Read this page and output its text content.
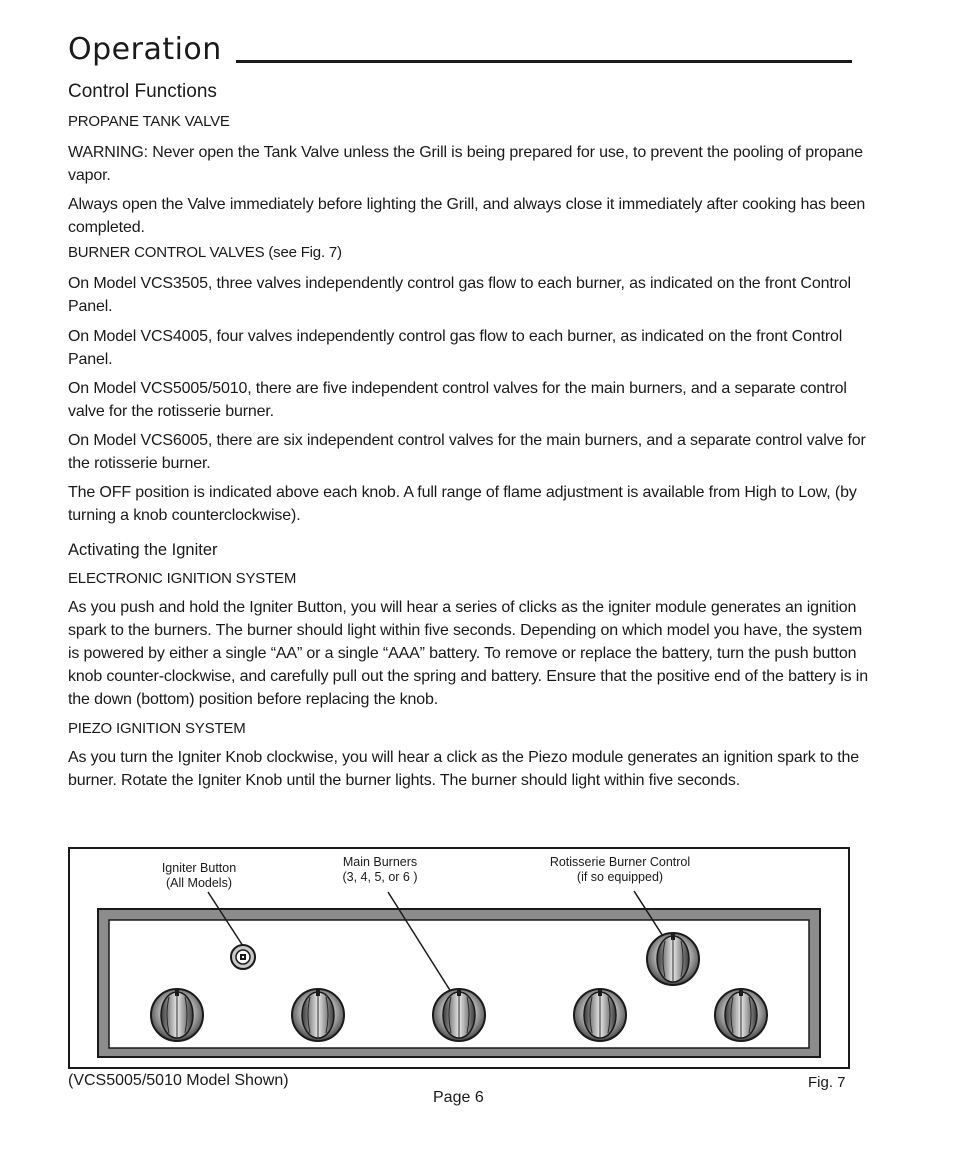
Operation
Control Functions
PROPANE TANK VALVE
WARNING: Never open the Tank Valve unless the Grill is being prepared for use, to prevent the pooling of propane vapor.
Always open the Valve immediately before lighting the Grill, and always close it immediately after cooking has been completed.
BURNER CONTROL VALVES (see Fig. 7)
On Model VCS3505, three valves independently control gas flow to each burner, as indicated on the front Control Panel.
On Model VCS4005, four valves independently control gas flow to each burner, as indicated on the front Control Panel.
On Model VCS5005/5010, there are five independent control valves for the main burners, and a separate control valve for the rotisserie burner.
On Model VCS6005, there are six independent control valves for the main burners, and a separate control valve for the rotisserie burner.
The OFF position is indicated above each knob. A full range of flame adjustment is available from High to Low, (by turning a knob counterclockwise).
Activating the Igniter
ELECTRONIC IGNITION SYSTEM
As you push and hold the Igniter Button, you will hear a series of clicks as the igniter module generates an ignition spark to the burners. The burner should light within five seconds. Depending on which model you have, the system is powered by either a single “AA” or a single “AAA” battery. To remove or replace the battery, turn the push button knob counter-clockwise, and carefully pull out the spring and battery. Ensure that the positive end of the battery is in the down (bottom) position before replacing the knob.
PIEZO IGNITION SYSTEM
As you turn the Igniter Knob clockwise, you will hear a click as the Piezo module generates an ignition spark to the burner. Rotate the Igniter Knob until the burner lights. The burner should light within five seconds.
Igniter Button
(All Models)
Main Burners
(3, 4, 5, or 6 )
Rotisserie Burner Control
(if so equipped)
(VCS5005/5010 Model Shown)	Fig. 7
Page 6
